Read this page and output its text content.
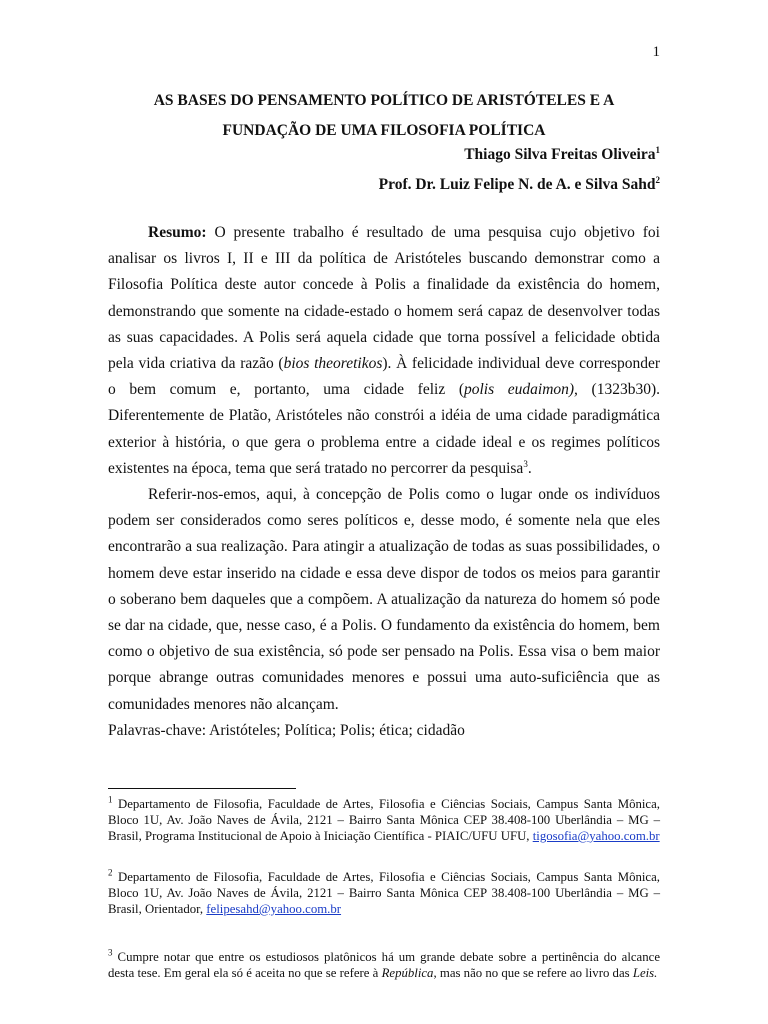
1
AS BASES DO PENSAMENTO POLÍTICO DE ARISTÓTELES E A
FUNDAÇÃO DE UMA FILOSOFIA POLÍTICA
Thiago Silva Freitas Oliveira$^1$
Prof. Dr. Luiz Felipe N. de A. e Silva Sahd$^2$

Resumo: O presente trabalho é resultado de uma pesquisa cujo objetivo foi analisar os livros I, II e III da política de Aristóteles buscando demonstrar como a Filosofia Política deste autor concede à Polis a finalidade da existência do homem, demonstrando que somente na cidade-estado o homem será capaz de desenvolver todas as suas capacidades. A Polis será aquela cidade que torna possível a felicidade obtida pela vida criativa da razão (bios theoretikos). À felicidade individual deve corresponder o bem comum e, portanto, uma cidade feliz (polis eudaimon), (1323b30). Diferentemente de Platão, Aristóteles não constrói a idéia de uma cidade paradigmática exterior à história, o que gera o problema entre a cidade ideal e os regimes políticos existentes na época, tema que será tratado no percorrer da pesquisa$^3$.

Referir-nos-emos, aqui, à concepção de Polis como o lugar onde os indivíduos podem ser considerados como seres políticos e, desse modo, é somente nela que eles encontrarão a sua realização. Para atingir a atualização de todas as suas possibilidades, o homem deve estar inserido na cidade e essa deve dispor de todos os meios para garantir o soberano bem daqueles que a compõem. A atualização da natureza do homem só pode se dar na cidade, que, nesse caso, é a Polis. O fundamento da existência do homem, bem como o objetivo de sua existência, só pode ser pensado na Polis. Essa visa o bem maior porque abrange outras comunidades menores e possui uma auto-suficiência que as comunidades menores não alcançam.

Palavras-chave: Aristóteles; Política; Polis; ética; cidadão

$^1$ Departamento de Filosofia, Faculdade de Artes, Filosofia e Ciências Sociais, Campus Santa Mônica, Bloco 1U, Av. João Naves de Ávila, 2121 – Bairro Santa Mônica CEP 38.408-100 Uberlândia – MG – Brasil, Programa Institucional de Apoio à Iniciação Científica - PIAIC/UFU UFU, tigosofia@yahoo.com.br
$^2$ Departamento de Filosofia, Faculdade de Artes, Filosofia e Ciências Sociais, Campus Santa Mônica, Bloco 1U, Av. João Naves de Ávila, 2121 – Bairro Santa Mônica CEP 38.408-100 Uberlândia – MG – Brasil, Orientador, felipesahd@yahoo.com.br
$^3$ Cumpre notar que entre os estudiosos platônicos há um grande debate sobre a pertinência do alcance desta tese. Em geral ela só é aceita no que se refere à República, mas não no que se refere ao livro das Leis.
